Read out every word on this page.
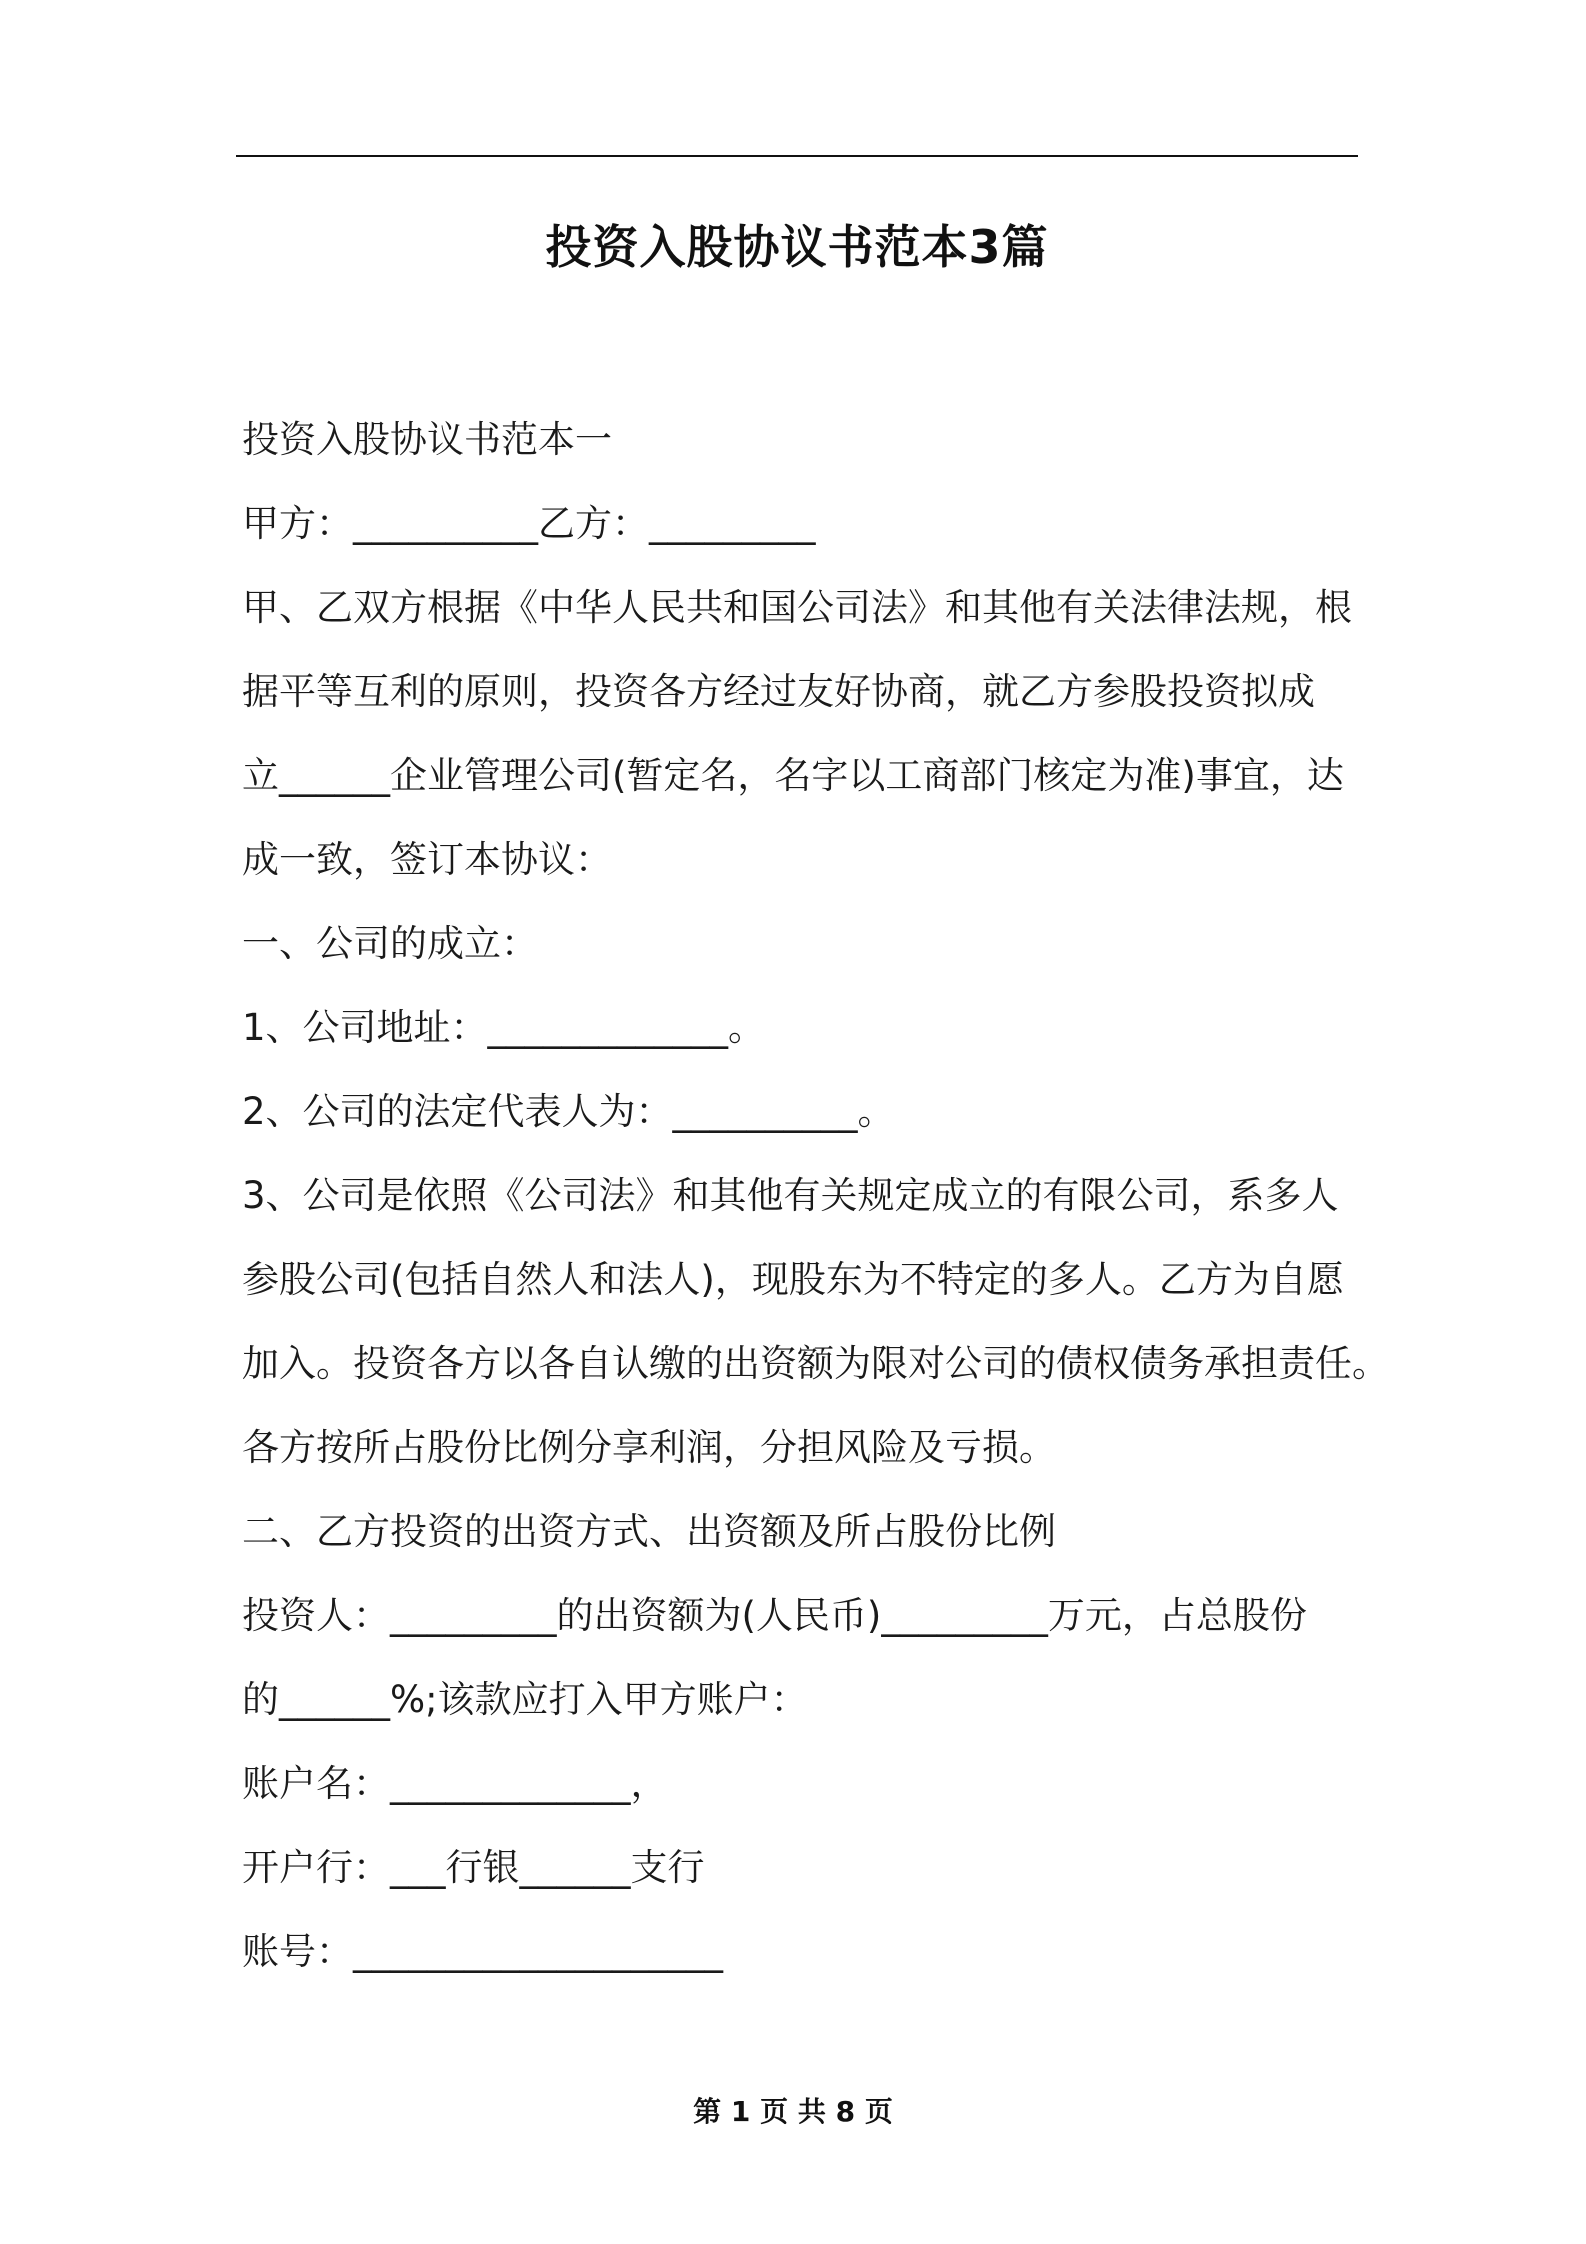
投资入股协议书范本3篇
投资入股协议书范本一
甲方：__________乙方：_________
甲、乙双方根据《中华人民共和国公司法》和其他有关法律法规，根
据平等互利的原则，投资各方经过友好协商，就乙方参股投资拟成
立______企业管理公司(暂定名，名字以工商部门核定为准)事宜，达
成一致，签订本协议：
一、公司的成立：
1、公司地址：_____________。
2、公司的法定代表人为：__________。
3、公司是依照《公司法》和其他有关规定成立的有限公司，系多人
参股公司(包括自然人和法人)，现股东为不特定的多人。乙方为自愿
加入。投资各方以各自认缴的出资额为限对公司的债权债务承担责任。
各方按所占股份比例分享利润，分担风险及亏损。
二、乙方投资的出资方式、出资额及所占股份比例
投资人：_________的出资额为(人民币)_________万元，占总股份
的______%;该款应打入甲方账户：
账户名：_____________，
开户行：___行银______支行
账号：____________________
第 1 页 共 8 页
